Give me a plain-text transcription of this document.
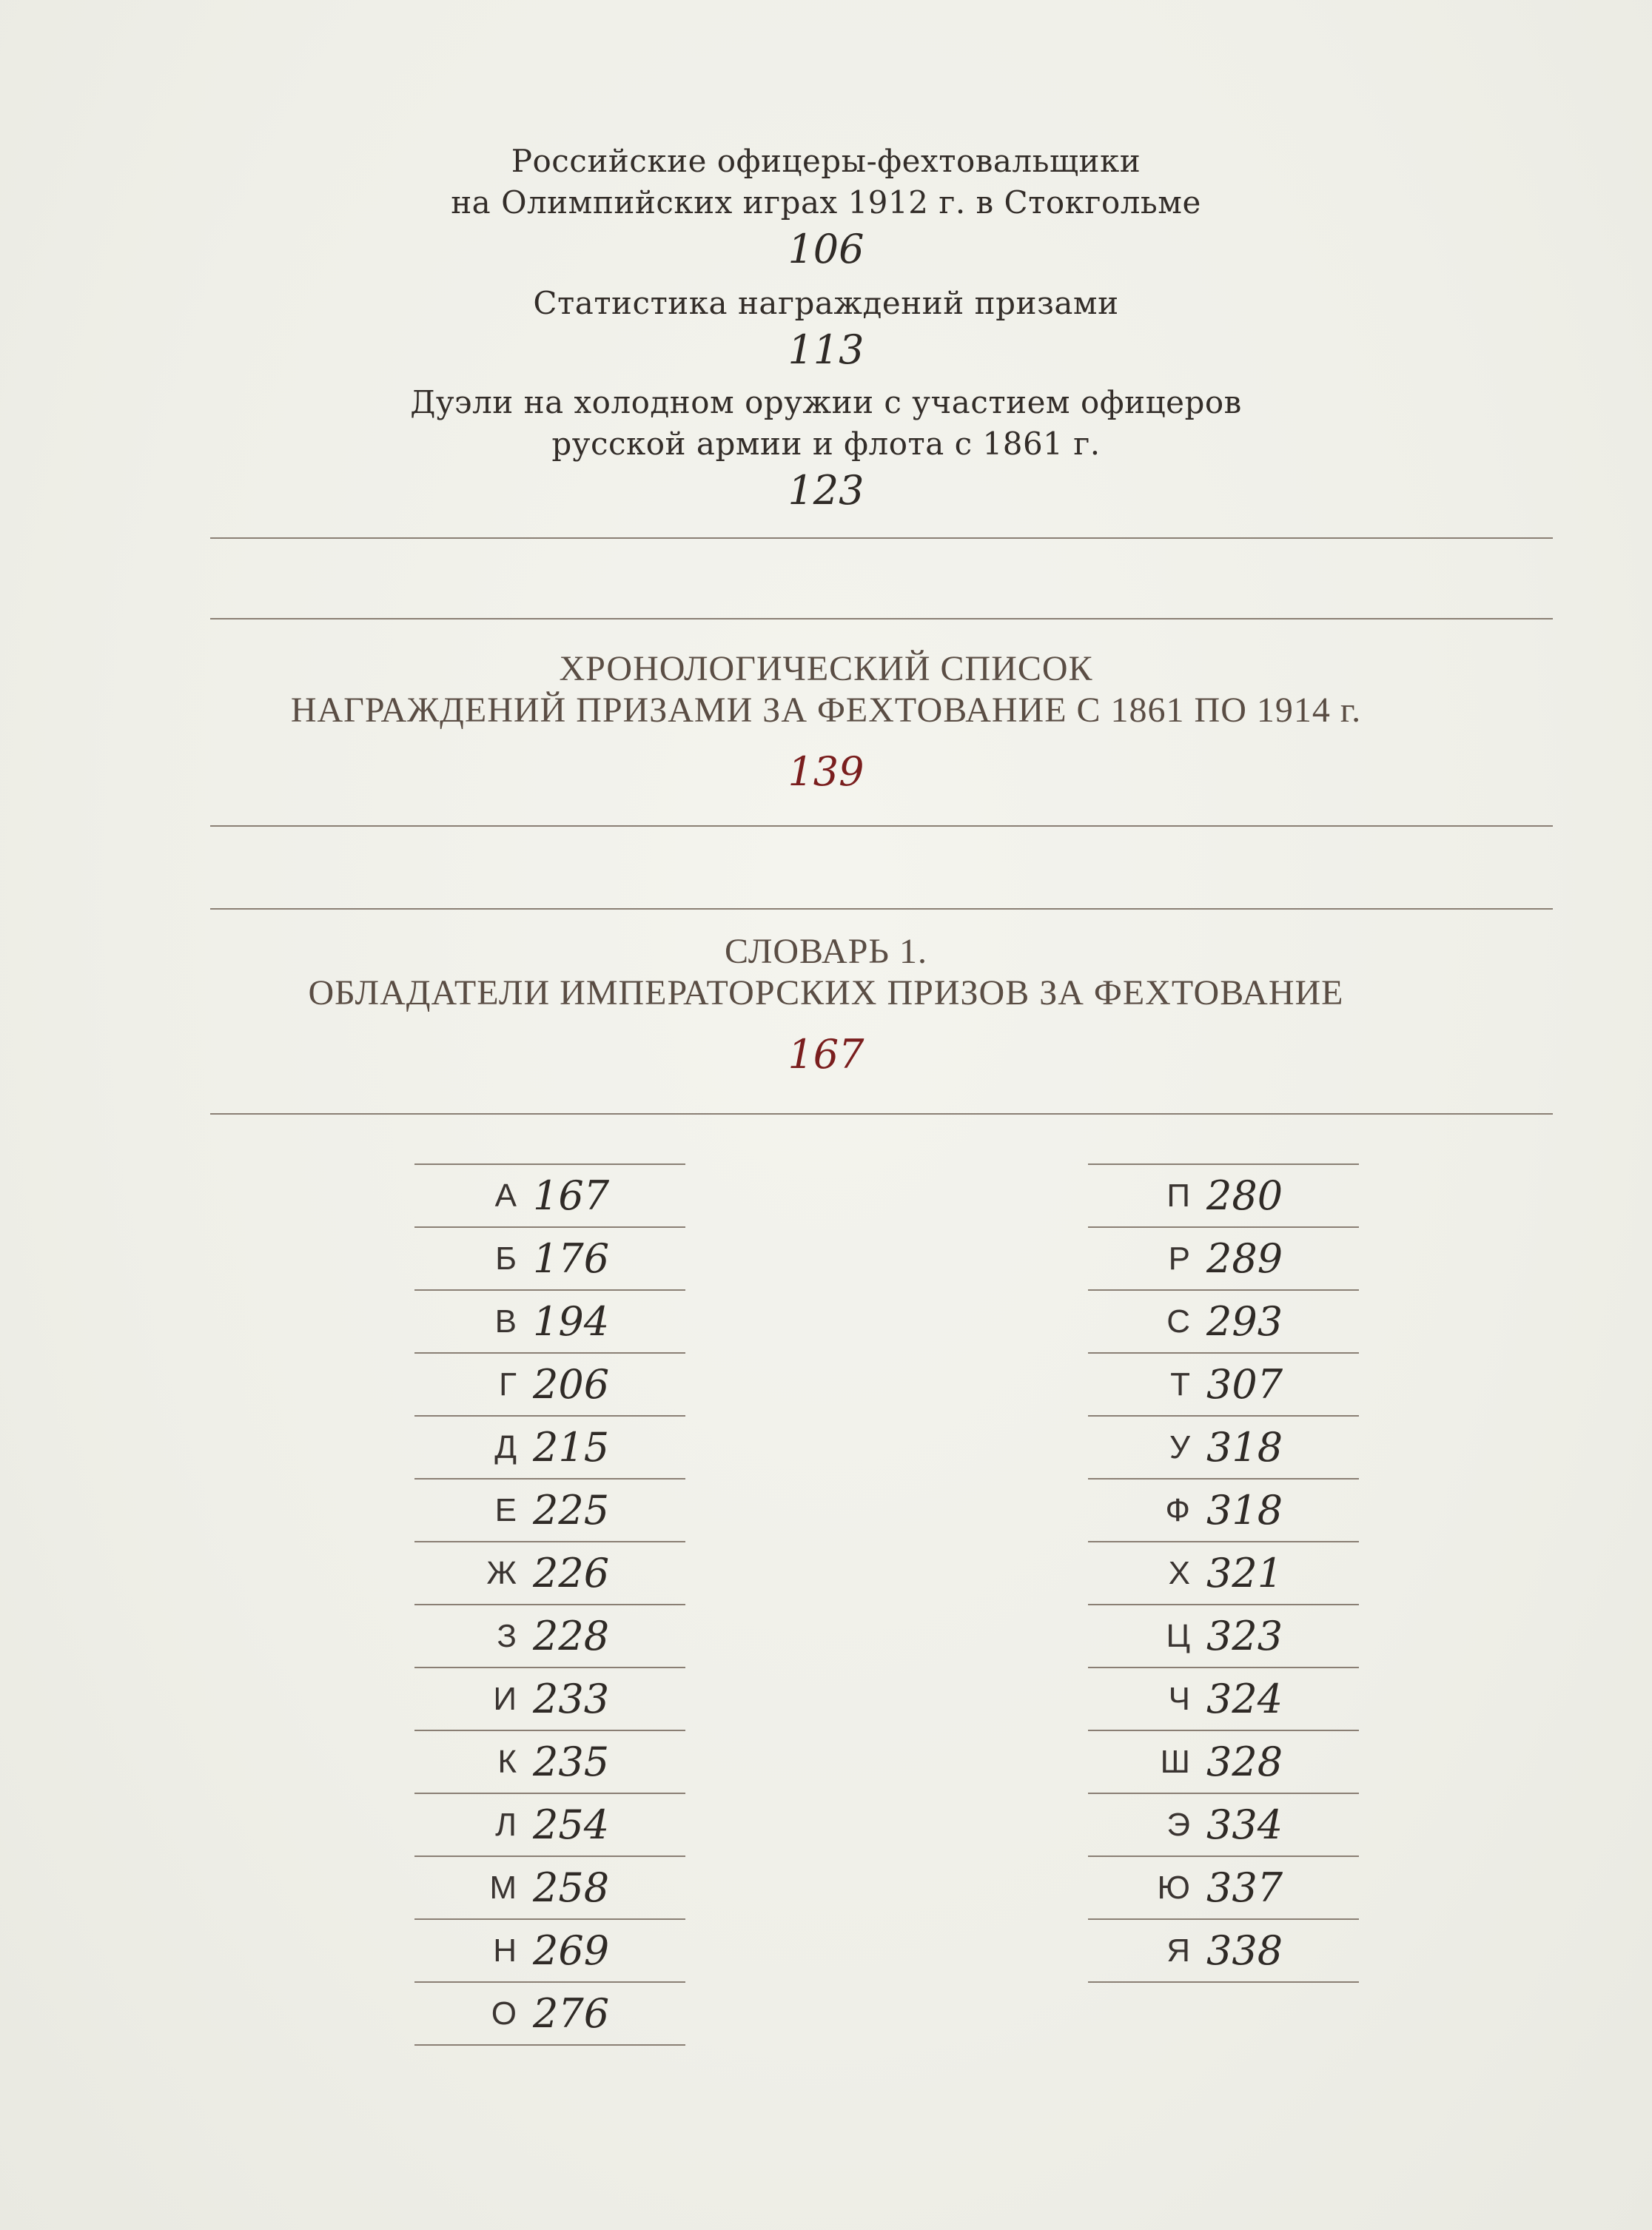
Российские офицеры-фехтовальщики
на Олимпийских играх 1912 г. в Стокгольме
106
Статистика награждений призами
113
Дуэли на холодном оружии с участием офицеров
русской армии и флота с 1861 г.
123
ХРОНОЛОГИЧЕСКИЙ СПИСОК
НАГРАЖДЕНИЙ ПРИЗАМИ ЗА ФЕХТОВАНИЕ С 1861 ПО 1914 г.
139
СЛОВАРЬ 1.
ОБЛАДАТЕЛИ ИМПЕРАТОРСКИХ ПРИЗОВ ЗА ФЕХТОВАНИЕ
167
А 167
Б 176
В 194
Г 206
Д 215
Е 225
Ж 226
З 228
И 233
К 235
Л 254
М 258
Н 269
О 276
П 280
Р 289
С 293
Т 307
У 318
Ф 318
Х 321
Ц 323
Ч 324
Ш 328
Э 334
Ю 337
Я 338
